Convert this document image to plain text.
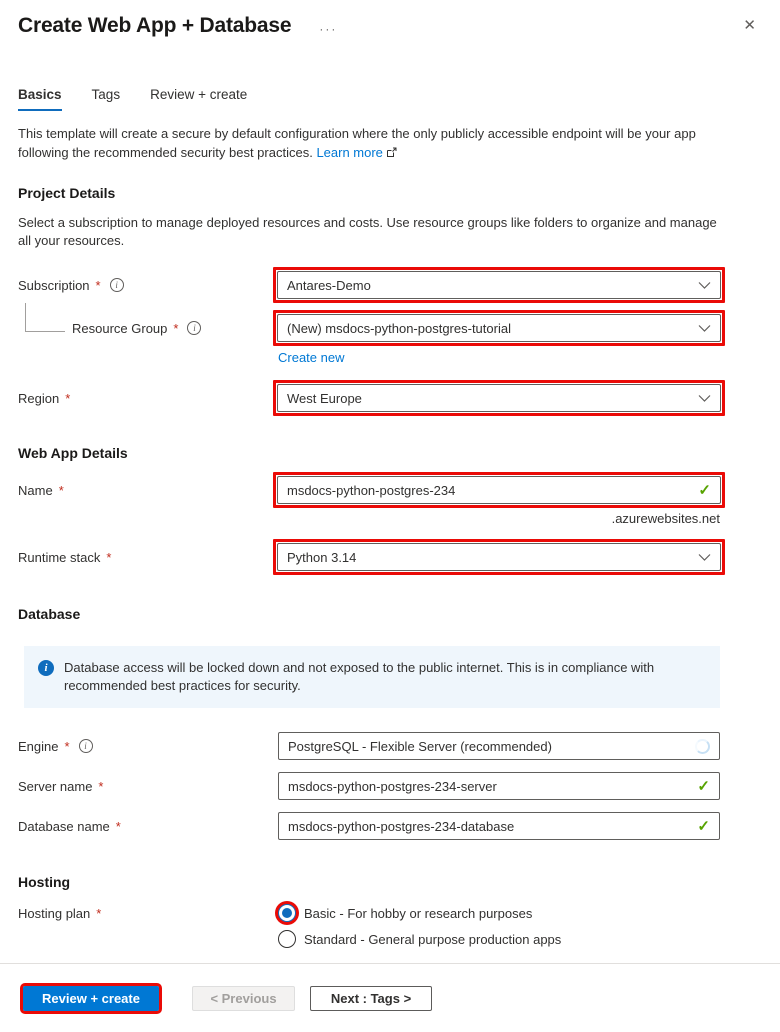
Create Web App + Database ···	✕
Basics Tags Review + create
This template will create a secure by default configuration where the only publicly accessible endpoint will be your app following the recommended security best practices. Learn more
Project Details
Select a subscription to manage deployed resources and costs. Use resource groups like folders to organize and manage all your resources.
Subscription *	i	Antares-Demo
Resource Group *	i	(New) msdocs-python-postgres-tutorial
Create new
Region *	West Europe
Web App Details
Name *	msdocs-python-postgres-234	✓
.azurewebsites.net
Runtime stack *	Python 3.14
Database
i	Database access will be locked down and not exposed to the public internet. This is in compliance with recommended best practices for security.
Engine *	i	PostgreSQL - Flexible Server (recommended)
Server name *	msdocs-python-postgres-234-server	✓
Database name *	msdocs-python-postgres-234-database	✓
Hosting
Hosting plan *	Basic - For hobby or research purposes
Standard - General purpose production apps
Review + create	< Previous	Next : Tags >
